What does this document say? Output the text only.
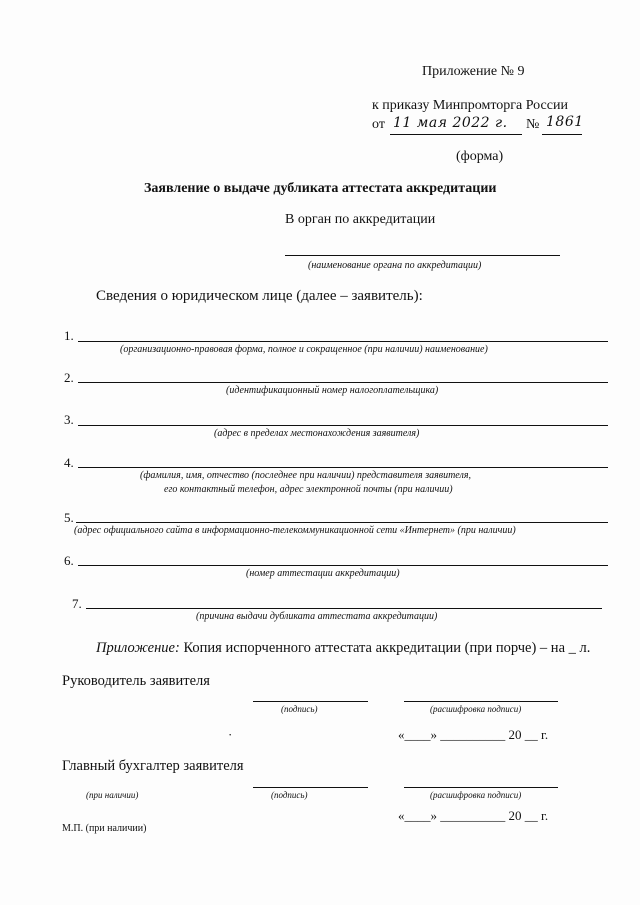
Приложение № 9
к приказу Минпромторга России
от 11 мая 2022 г. № 1861
(форма)
Заявление о выдаче дубликата аттестата аккредитации
В орган по аккредитации
(наименование органа по аккредитации)
Сведения о юридическом лице (далее – заявитель):
1.
(организационно-правовая форма, полное и сокращенное (при наличии) наименование)
2.
(идентификационный номер налогоплательщика)
3.
(адрес в пределах местонахождения заявителя)
4.
(фамилия, имя, отчество (последнее при наличии) представителя заявителя,
его контактный телефон, адрес электронной почты (при наличии)
5.
(адрес официального сайта в информационно-телекоммуникационной сети «Интернет» (при наличии)
6.
(номер аттестации аккредитации)
7.
(причина выдачи дубликата аттестата аккредитации)
Приложение: Копия испорченного аттестата аккредитации (при порче) – на _ л.
Руководитель заявителя
(подпись)	(расшифровка подписи)
·	«____» __________ 20 __ г.
Главный бухгалтер заявителя
(при наличии)	(подпись)	(расшифровка подписи)
«____» __________ 20 __ г.
М.П. (при наличии)
